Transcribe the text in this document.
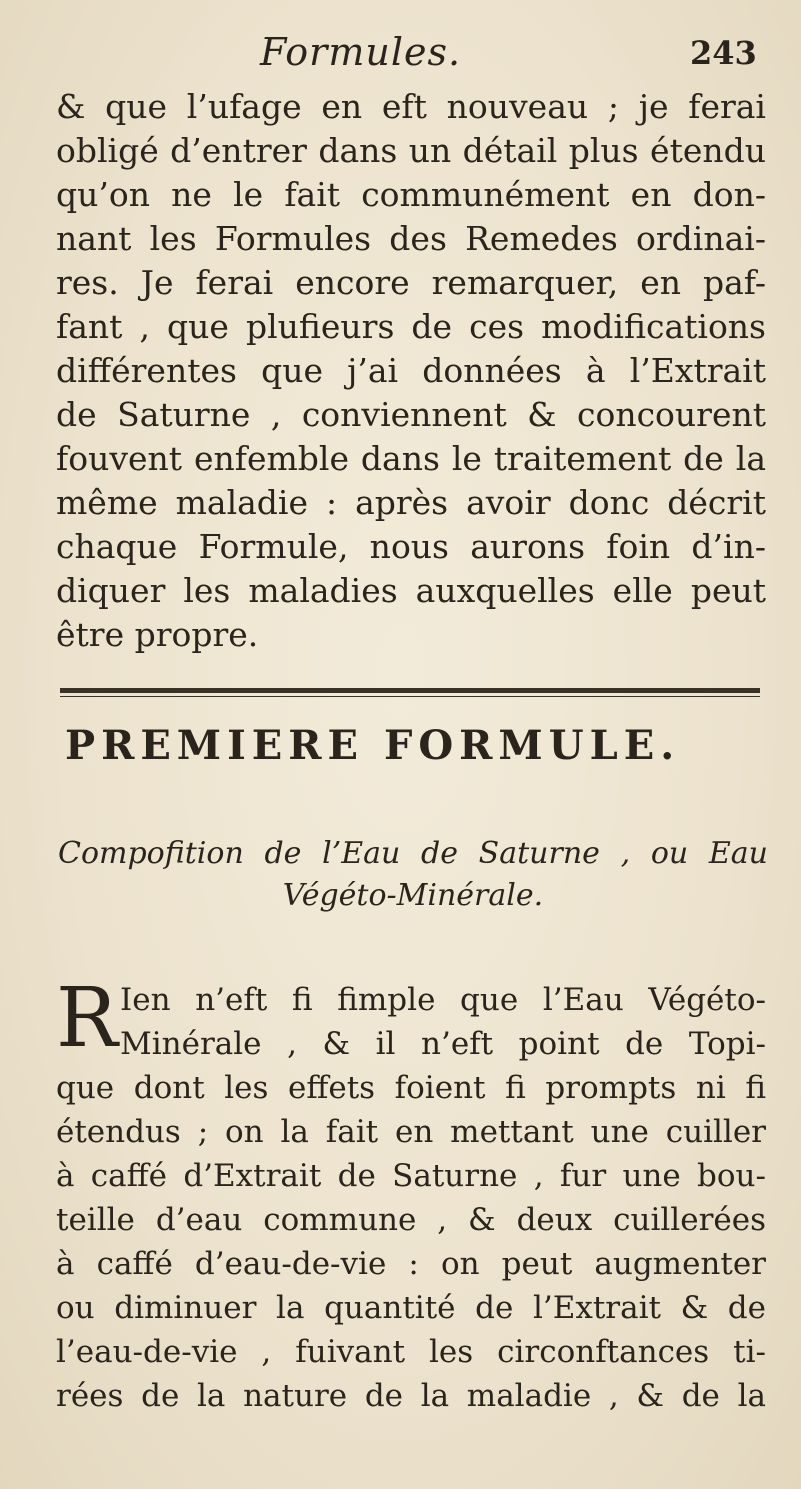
Formules.	243
& que l’ufage en eft nouveau ; je ferai
obligé d’entrer dans un détail plus étendu
qu’on ne le fait communément en don-
nant les Formules des Remedes ordinai-
res. Je ferai encore remarquer, en paf-
fant , que plufieurs de ces modifications
différentes que j’ai données à l’Extrait
de Saturne , conviennent & concourent
fouvent enfemble dans le traitement de la
même maladie : après avoir donc décrit
chaque Formule, nous aurons foin d’in-
diquer les maladies auxquelles elle peut
être propre.
PREMIERE FORMULE.
Compofition de l’Eau de Saturne , ou Eau
Végéto-Minérale.
R Ien n’eft fi fimple que l’Eau Végéto-
Minérale , & il n’eft point de Topi-
que dont les effets foient fi prompts ni fi
étendus ; on la fait en mettant une cuiller
à caffé d’Extrait de Saturne , fur une bou-
teille d’eau commune , & deux cuillerées
à caffé d’eau-de-vie : on peut augmenter
ou diminuer la quantité de l’Extrait & de
l’eau-de-vie , fuivant les circonftances ti-
rées de la nature de la maladie , & de la
